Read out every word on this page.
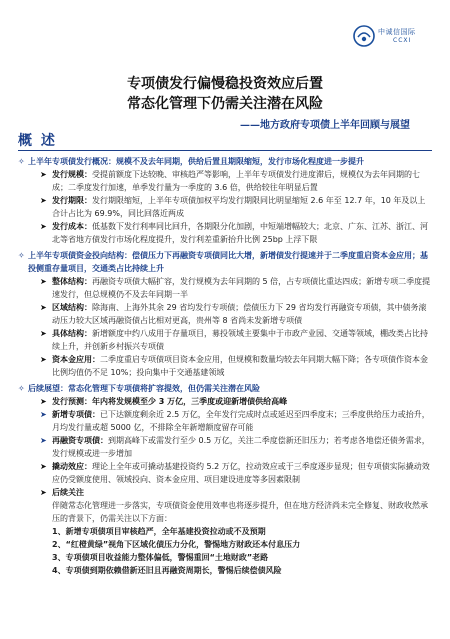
中诚信国际
CCXI
专项债发行偏慢稳投资效应后置
常态化管理下仍需关注潜在风险
——地方政府专项债上半年回顾与展望
概 述
✧ 上半年专项债发行概况：规模不及去年同期，供给后置且期限缩短，发行市场化程度进一步提升
➤ 发行规模：受提前额度下达较晚、审核趋严等影响，上半年专项债发行进度滞后，规模仅为去年同期的七成；二季度发行加速，单季发行量为一季度的 3.6 倍，供给较往年明显后置
➤ 发行期限：发行期限缩短，上半年专项债加权平均发行期限同比明显缩短 2.6 年至 12.7 年，10 年及以上合计占比为 69.9%，同比回落近两成
➤ 发行成本：低基数下发行利率同比回升，各期限分化加剧，中短端增幅较大；北京、广东、江苏、浙江、河北等省地方债发行市场化程度提升，发行利差重新抬升比例 25bp 上浮下限
✧ 上半年专项债资金投向结构：偿债压力下再融资专项债同比大增，新增债发行提速并于二季度重启资本金应用；基投侧重存量项目，交通类占比持续上升
➤ 整体结构：再融资专项债大幅扩容，发行规模为去年同期的 5 倍，占专项债比重达四成；新增专项二季度提速发行，但总规模仍不及去年同期一半
➤ 区域结构：除海南、上海外其余 29 省均发行专项债；偿债压力下 29 省均发行再融资专项债，其中债务滚动压力较大区域再融资债占比相对更高，贵州等 8 省尚未发新增专项债
➤ 具体结构：新增额度中约八成用于存量项目，募投领域主要集中于市政产业园、交通等领域，棚改类占比持续上升，并创新乡村振兴专项债
➤ 资本金应用：二季度重启专项债项目资本金应用，但规模和数量均较去年同期大幅下降；各专项债作资本金比例均值仍不足 10%；投向集中于交通基建领域
✧ 后续展望：常态化管理下专项债将扩容提效，但仍需关注潜在风险
➤ 发行预测：年内将发规模至少 3 万亿，三季度或迎新增债供给高峰
➤ 新增专项债：已下达额度剩余近 2.5 万亿，全年发行完成时点或延迟至四季度末；三季度供给压力或抬升，月均发行量或超 5000 亿，不排除全年新增额度留存可能
➤ 再融资专项债：到期高峰下或需发行至少 0.5 万亿，关注二季度偿新还旧压力；若考虑各地偿还债务需求，发行规模或进一步增加
➤ 撬动效应：理论上全年或可撬动基建投资约 5.2 万亿，拉动效应或于三季度逐步显现；但专项债实际撬动效应仍受额度使用、领域投向、资本金应用、项目建设进度等多因素限制
➤ 后续关注
伴随常态化管理进一步落实，专项债资金使用效率也将逐步提升，但在地方经济尚未完全修复、财政收然承压的背景下，仍需关注以下方面：
1、新增专项债项目审核趋严，全年基建投资拉动或不及预期
2、“红橙黄绿”视角下区域化债压力分化，警惕地方财政还本付息压力
3、专项债项目收益能力整体偏低，警惕重回“土地财政”老路
4、专项债到期依赖借新还旧且再融资周期长，警惕后续偿债风险
